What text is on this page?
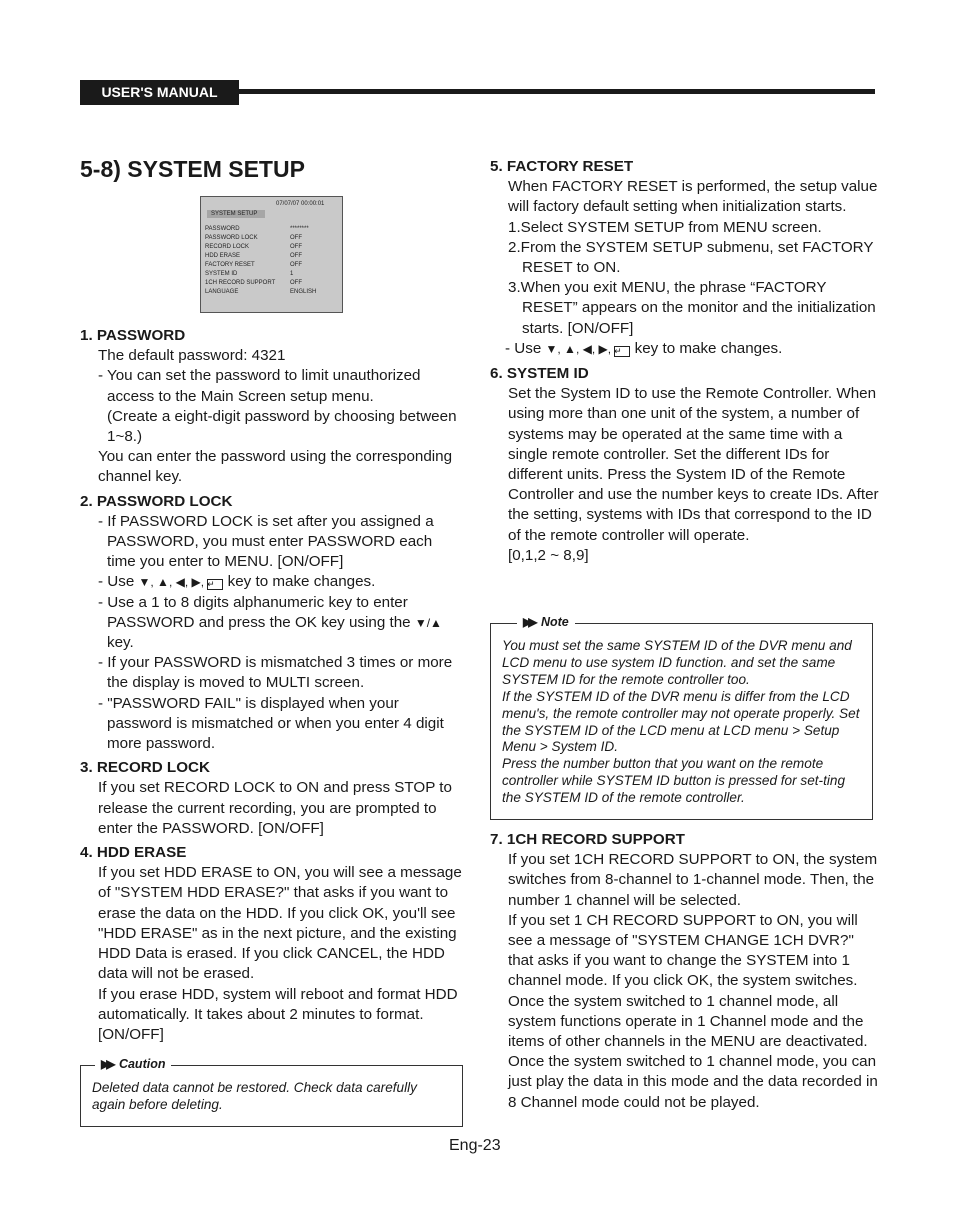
USER'S MANUAL
5-8) SYSTEM SETUP
07/07/07 00:00:01
SYSTEM SETUP
PASSWORD	********
PASSWORD LOCK	OFF
RECORD LOCK	OFF
HDD ERASE	OFF
FACTORY RESET	OFF
SYSTEM ID	1
1CH RECORD SUPPORT	OFF
LANGUAGE	ENGLISH
1. PASSWORD
The default password: 4321
- You can set the password to limit unauthorized access to the Main Screen setup menu.
(Create a eight-digit password by choosing between 1~8.)
You can enter the password using the corresponding channel key.
2. PASSWORD LOCK
- If PASSWORD LOCK is set after you assigned a PASSWORD, you must enter PASSWORD each time you enter to MENU. [ON/OFF]
- Use ▼, ▲, ◀, ▶, ↵ key to make changes.
- Use a 1 to 8 digits alphanumeric key to enter PASSWORD and press the OK key using the ▼/▲ key.
- If your PASSWORD is mismatched 3 times or more the display is moved to MULTI screen.
- "PASSWORD FAIL" is displayed when your password is mismatched or when you enter 4 digit more password.
3. RECORD LOCK
If you set RECORD LOCK to ON and press STOP to release the current recording, you are prompted to enter the PASSWORD. [ON/OFF]
4. HDD ERASE
If you set HDD ERASE to ON, you will see a message of "SYSTEM HDD ERASE?" that asks if you want to erase the data on the HDD. If you click OK, you'll see "HDD ERASE" as in the next picture, and the existing HDD Data is erased. If you click CANCEL, the HDD data will not be erased.
If you erase HDD, system will reboot and format HDD automatically. It takes about 2 minutes to format. [ON/OFF]
▶▶ Caution
Deleted data cannot be restored. Check data carefully again before deleting.
5. FACTORY RESET
When FACTORY RESET is performed, the setup value will factory default setting when initialization starts.
1.Select SYSTEM SETUP from MENU screen.
2.From the SYSTEM SETUP submenu, set FACTORY RESET to ON.
3.When you exit MENU, the phrase “FACTORY RESET” appears on the monitor and the initialization starts. [ON/OFF]
- Use ▼, ▲, ◀, ▶, ↵ key to make changes.
6. SYSTEM ID
Set the System ID to use the Remote Controller. When using more than one unit of the system, a number of systems may be operated at the same time with a single remote controller. Set the different IDs for different units. Press the System ID of the Remote Controller and use the number keys to create IDs. After the setting, systems with IDs that correspond to the ID of the remote controller will operate.
[0,1,2 ~ 8,9]
▶▶ Note
You must set the same SYSTEM ID of the DVR menu and LCD menu to use system ID function. and set the same SYSTEM ID for the remote controller too.
If the SYSTEM ID of the DVR menu is differ from the LCD menu's, the remote controller may not operate properly. Set the SYSTEM ID of the LCD menu at LCD menu > Setup Menu > System ID.
Press the number button that you want on the remote controller while SYSTEM ID button is pressed for set-ting the SYSTEM ID of the remote controller.
7. 1CH RECORD SUPPORT
If you set 1CH RECORD SUPPORT to ON, the system switches from 8-channel to 1-channel mode. Then, the number 1 channel will be selected.
If you set 1 CH RECORD SUPPORT to ON, you will see a message of "SYSTEM CHANGE 1CH DVR?" that asks if you want to change the SYSTEM into 1 channel mode. If you click OK, the system switches. Once the system switched to 1 channel mode, all system functions operate in 1 Channel mode and the items of other channels in the MENU are deactivated.
Once the system switched to 1 channel mode, you can just play the data in this mode and the data recorded in 8 Channel mode could not be played.
Eng-23
